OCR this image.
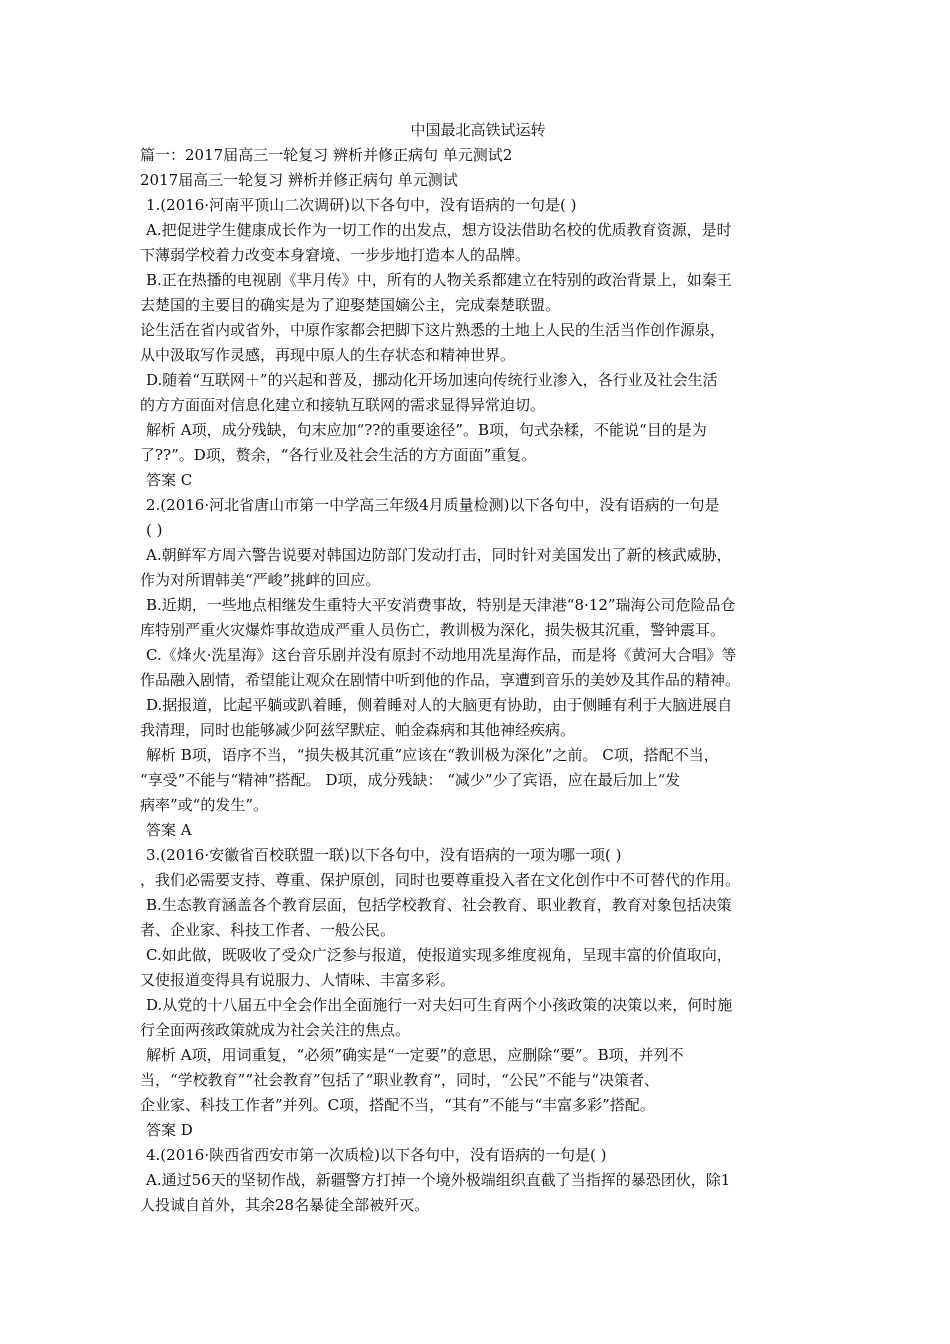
中国最北高铁试运转

篇一：2017届高三一轮复习 辨析并修正病句 单元测试2

2017届高三一轮复习 辨析并修正病句 单元测试

1.(2016·河南平顶山二次调研)以下各句中，没有语病的一句是( )

A.把促进学生健康成长作为一切工作的出发点，想方设法借助名校的优质教育资源，是时

下薄弱学校着力改变本身窘境、一步步地打造本人的品牌。

B.正在热播的电视剧《芈月传》中，所有的人物关系都建立在特别的政治背景上，如秦王

去楚国的主要目的确实是为了迎娶楚国嫡公主，完成秦楚联盟。

论生活在省内或省外，中原作家都会把脚下这片熟悉的土地上人民的生活当作创作源泉，

从中汲取写作灵感，再现中原人的生存状态和精神世界。

D.随着“互联网＋”的兴起和普及，挪动化开场加速向传统行业渗入，各行业及社会生活

的方方面面对信息化建立和接轨互联网的需求显得异常迫切。

解析 A项，成分残缺，句末应加“??的重要途径”。B项，句式杂糅，不能说“目的是为

了??”。D项，赘余，“各行业及社会生活的方方面面”重复。

答案 C

2.(2016·河北省唐山市第一中学高三年级4月质量检测)以下各句中，没有语病的一句是

( )

A.朝鲜军方周六警告说要对韩国边防部门发动打击，同时针对美国发出了新的核武威胁，

作为对所谓韩美“严峻”挑衅的回应。

B.近期，一些地点相继发生重特大平安消费事故，特别是天津港“8·12”瑞海公司危险品仓

库特别严重火灾爆炸事故造成严重人员伤亡，教训极为深化，损失极其沉重，警钟震耳。

C.《烽火·洗星海》这台音乐剧并没有原封不动地用冼星海作品，而是将《黄河大合唱》等

作品融入剧情，希望能让观众在剧情中听到他的作品，享遭到音乐的美妙及其作品的精神。

D.据报道，比起平躺或趴着睡，侧着睡对人的大脑更有协助，由于侧睡有利于大脑进展自

我清理，同时也能够减少阿兹罕默症、帕金森病和其他神经疾病。

解析 B项，语序不当，“损失极其沉重”应该在“教训极为深化”之前。 C项，搭配不当，

“享受”不能与“精神”搭配。 D项，成分残缺： “减少”少了宾语，应在最后加上“发

病率”或“的发生”。

答案 A

3.(2016·安徽省百校联盟一联)以下各句中，没有语病的一项为哪一项( )

，我们必需要支持、尊重、保护原创，同时也要尊重投入者在文化创作中不可替代的作用。

B.生态教育涵盖各个教育层面，包括学校教育、社会教育、职业教育，教育对象包括决策

者、企业家、科技工作者、一般公民。

C.如此做，既吸收了受众广泛参与报道，使报道实现多维度视角，呈现丰富的价值取向，

又使报道变得具有说服力、人情味、丰富多彩。

D.从党的十八届五中全会作出全面施行一对夫妇可生育两个小孩政策的决策以来，何时施

行全面两孩政策就成为社会关注的焦点。

解析 A项，用词重复，“必须”确实是“一定要”的意思，应删除“要”。B项，并列不

当，“学校教育”“社会教育”包括了“职业教育”，同时，“公民”不能与“决策者、

企业家、科技工作者”并列。C项，搭配不当，“其有”不能与“丰富多彩”搭配。

答案 D

4.(2016·陕西省西安市第一次质检)以下各句中，没有语病的一句是( )

A.通过56天的坚韧作战，新疆警方打掉一个境外极端组织直截了当指挥的暴恐团伙，除1

人投诚自首外，其余28名暴徒全部被歼灭。
